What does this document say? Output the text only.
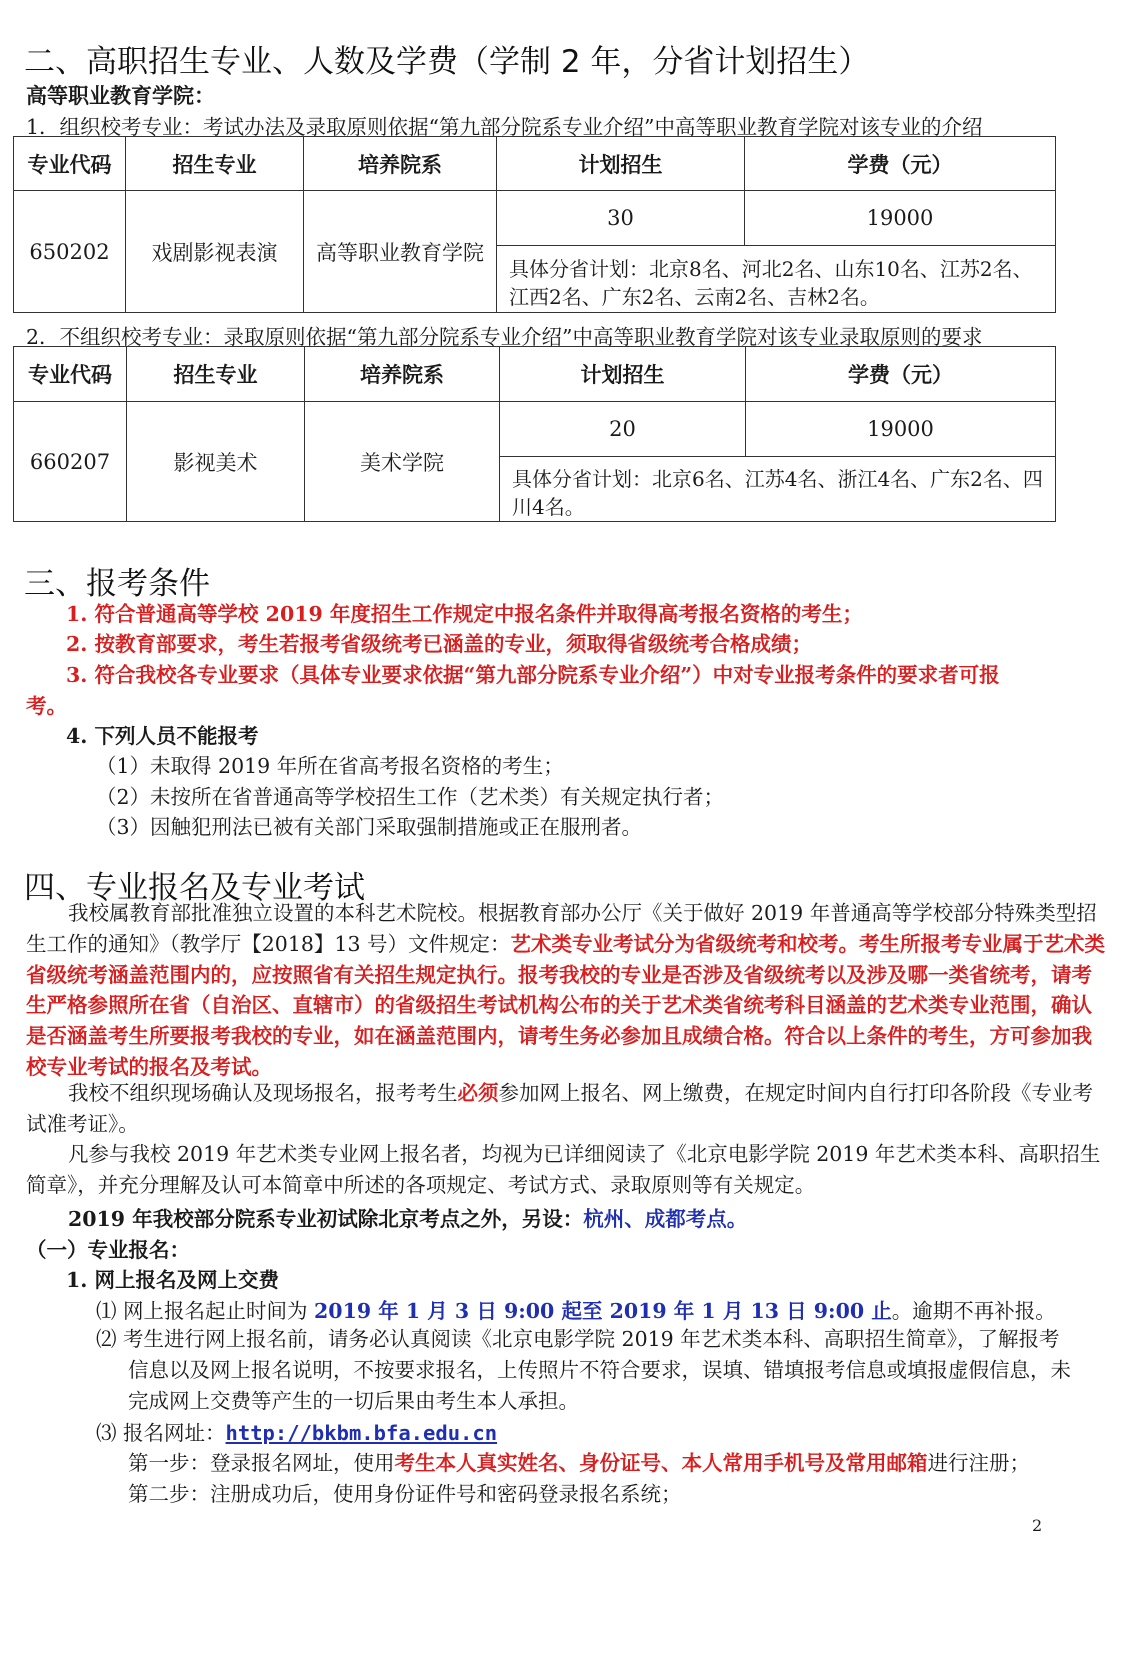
二、高职招生专业、人数及学费（学制 2 年，分省计划招生）
高等职业教育学院：
1．组织校考专业：考试办法及录取原则依据“第九部分院系专业介绍”中高等职业教育学院对该专业的介绍
专业代码	招生专业	培养院系	计划招生	学费（元）
650202	戏剧影视表演	高等职业教育学院	30	19000
			具体分省计划：北京8名、河北2名、山东10名、江苏2名、江西2名、广东2名、云南2名、吉林2名。	
2．不组织校考专业：录取原则依据“第九部分院系专业介绍”中高等职业教育学院对该专业录取原则的要求
专业代码	招生专业	培养院系	计划招生	学费（元）
660207	影视美术	美术学院	20	19000
			具体分省计划：北京6名、江苏4名、浙江4名、广东2名、四川4名。	
三、报考条件
1. 符合普通高等学校 2019 年度招生工作规定中报名条件并取得高考报名资格的考生；
2. 按教育部要求，考生若报考省级统考已涵盖的专业，须取得省级统考合格成绩；
3. 符合我校各专业要求（具体专业要求依据“第九部分院系专业介绍”）中对专业报考条件的要求者可报
考。
4. 下列人员不能报考
（1）未取得 2019 年所在省高考报名资格的考生；
（2）未按所在省普通高等学校招生工作（艺术类）有关规定执行者；
（3）因触犯刑法已被有关部门采取强制措施或正在服刑者。
四、专业报名及专业考试
我校属教育部批准独立设置的本科艺术院校。根据教育部办公厅《关于做好 2019 年普通高等学校部分特殊类型招生工作的通知》（教学厅【2018】13 号）文件规定：艺术类专业考试分为省级统考和校考。考生所报考专业属于艺术类省级统考涵盖范围内的，应按照省有关招生规定执行。报考我校的专业是否涉及省级统考以及涉及哪一类省统考，请考生严格参照所在省（自治区、直辖市）的省级招生考试机构公布的关于艺术类省统考科目涵盖的艺术类专业范围，确认是否涵盖考生所要报考我校的专业，如在涵盖范围内，请考生务必参加且成绩合格。符合以上条件的考生，方可参加我校专业考试的报名及考试。
我校不组织现场确认及现场报名，报考考生必须参加网上报名、网上缴费，在规定时间内自行打印各阶段《专业考试准考证》。
凡参与我校 2019 年艺术类专业网上报名者，均视为已详细阅读了《北京电影学院 2019 年艺术类本科、高职招生简章》，并充分理解及认可本简章中所述的各项规定、考试方式、录取原则等有关规定。
2019 年我校部分院系专业初试除北京考点之外，另设：杭州、成都考点。
（一）专业报名：
1. 网上报名及网上交费
⑴ 网上报名起止时间为 2019 年 1 月 3 日 9:00 起至 2019 年 1 月 13 日 9:00 止。逾期不再补报。
⑵ 考生进行网上报名前，请务必认真阅读《北京电影学院 2019 年艺术类本科、高职招生简章》，了解报考信息以及网上报名说明，不按要求报名，上传照片不符合要求，误填、错填报考信息或填报虚假信息，未完成网上交费等产生的一切后果由考生本人承担。
⑶ 报名网址：http://bkbm.bfa.edu.cn
第一步：登录报名网址，使用考生本人真实姓名、身份证号、本人常用手机号及常用邮箱进行注册；
第二步：注册成功后，使用身份证件号和密码登录报名系统；
2
